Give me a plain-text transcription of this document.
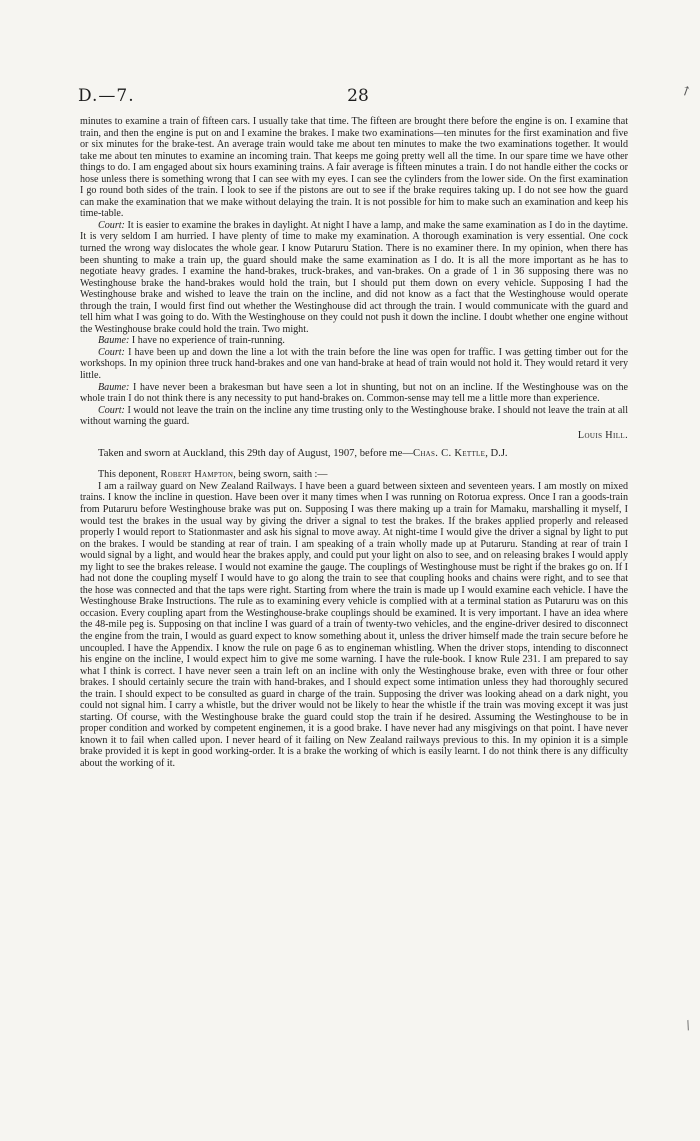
D.—7.	28	↗

minutes to examine a train of fifteen cars. I usually take that time. The fifteen are brought there before the engine is on. I examine that train, and then the engine is put on and I examine the brakes. I make two examinations—ten minutes for the first examination and five or six minutes for the brake-test. An average train would take me about ten minutes to make the two examinations together. It would take me about ten minutes to examine an incoming train. That keeps me going pretty well all the time. In our spare time we have other things to do. I am engaged about six hours examining trains. A fair average is fifteen minutes a train. I do not handle either the cocks or hose unless there is something wrong that I can see with my eyes. I can see the cylinders from the lower side. On the first examination I go round both sides of the train. I look to see if the pistons are out to see if the brake requires taking up. I do not see how the guard can make the examination that we make without delaying the train. It is not possible for him to make such an examination and keep his time-table.

Court: It is easier to examine the brakes in daylight. At night I have a lamp, and make the same examination as I do in the daytime. It is very seldom I am hurried. I have plenty of time to make my examination. A thorough examination is very essential. One cock turned the wrong way dislocates the whole gear. I know Putaruru Station. There is no examiner there. In my opinion, when there has been shunting to make a train up, the guard should make the same examination as I do. It is all the more important as he has to negotiate heavy grades. I examine the hand-brakes, truck-brakes, and van-brakes. On a grade of 1 in 36 supposing there was no Westinghouse brake the hand-brakes would hold the train, but I should put them down on every vehicle. Supposing I had the Westinghouse brake and wished to leave the train on the incline, and did not know as a fact that the Westinghouse would operate through the train, I would first find out whether the Westinghouse did act through the train. I would communicate with the guard and tell him what I was going to do. With the Westinghouse on they could not push it down the incline. I doubt whether one engine without the Westinghouse brake could hold the train. Two might.

Baume: I have no experience of train-running.

Court: I have been up and down the line a lot with the train before the line was open for traffic. I was getting timber out for the workshops. In my opinion three truck hand-brakes and one van hand-brake at head of train would not hold it. They would retard it very little.

Baume: I have never been a brakesman but have seen a lot in shunting, but not on an incline. If the Westinghouse was on the whole train I do not think there is any necessity to put hand-brakes on. Common-sense may tell me a little more than experience.

Court: I would not leave the train on the incline any time trusting only to the Westinghouse brake. I should not leave the train at all without warning the guard.

Louis Hill.

Taken and sworn at Auckland, this 29th day of August, 1907, before me—Chas. C. Kettle, D.J.

This deponent, Robert Hampton, being sworn, saith :—

I am a railway guard on New Zealand Railways. I have been a guard between sixteen and seventeen years. I am mostly on mixed trains. I know the incline in question. Have been over it many times when I was running on Rotorua express. Once I ran a goods-train from Putaruru before Westinghouse brake was put on. Supposing I was there making up a train for Mamaku, marshalling it myself, I would test the brakes in the usual way by giving the driver a signal to test the brakes. If the brakes applied properly and released properly I would report to Stationmaster and ask his signal to move away. At night-time I would give the driver a signal by light to put on the brakes. I would be standing at rear of train. I am speaking of a train wholly made up at Putaruru. Standing at rear of train I would signal by a light, and would hear the brakes apply, and could put your light on also to see, and on releasing brakes I would apply my light to see the brakes release. I would not examine the gauge. The couplings of Westinghouse must be right if the brakes go on. If I had not done the coupling myself I would have to go along the train to see that coupling hooks and chains were right, and to see that the hose was connected and that the taps were right. Starting from where the train is made up I would examine each vehicle. I have the Westinghouse Brake Instructions. The rule as to examining every vehicle is complied with at a terminal station as Putaruru was on this occasion. Every coupling apart from the Westinghouse-brake couplings should be examined. It is very important. I have an idea where the 48-mile peg is. Supposing on that incline I was guard of a train of twenty-two vehicles, and the engine-driver desired to disconnect the engine from the train, I would as guard expect to know something about it, unless the driver himself made the train secure before he uncoupled. I have the Appendix. I know the rule on page 6 as to engineman whistling. When the driver stops, intending to disconnect his engine on the incline, I would expect him to give me some warning. I have the rule-book. I know Rule 231. I am prepared to say what I think is correct. I have never seen a train left on an incline with only the Westinghouse brake, even with three or four other brakes. I should certainly secure the train with hand-brakes, and I should expect some intimation unless they had thoroughly secured the train. I should expect to be consulted as guard in charge of the train. Supposing the driver was looking ahead on a dark night, you could not signal him. I carry a whistle, but the driver would not be likely to hear the whistle if the train was moving except it was just starting. Of course, with the Westinghouse brake the guard could stop the train if he desired. Assuming the Westinghouse to be in proper condition and worked by competent enginemen, it is a good brake. I have never had any misgivings on that point. I have never known it to fail when called upon. I never heard of it failing on New Zealand railways previous to this. In my opinion it is a simple brake provided it is kept in good working-order. It is a brake the working of which is easily learnt. I do not think there is any difficulty about the working of it.

∕
